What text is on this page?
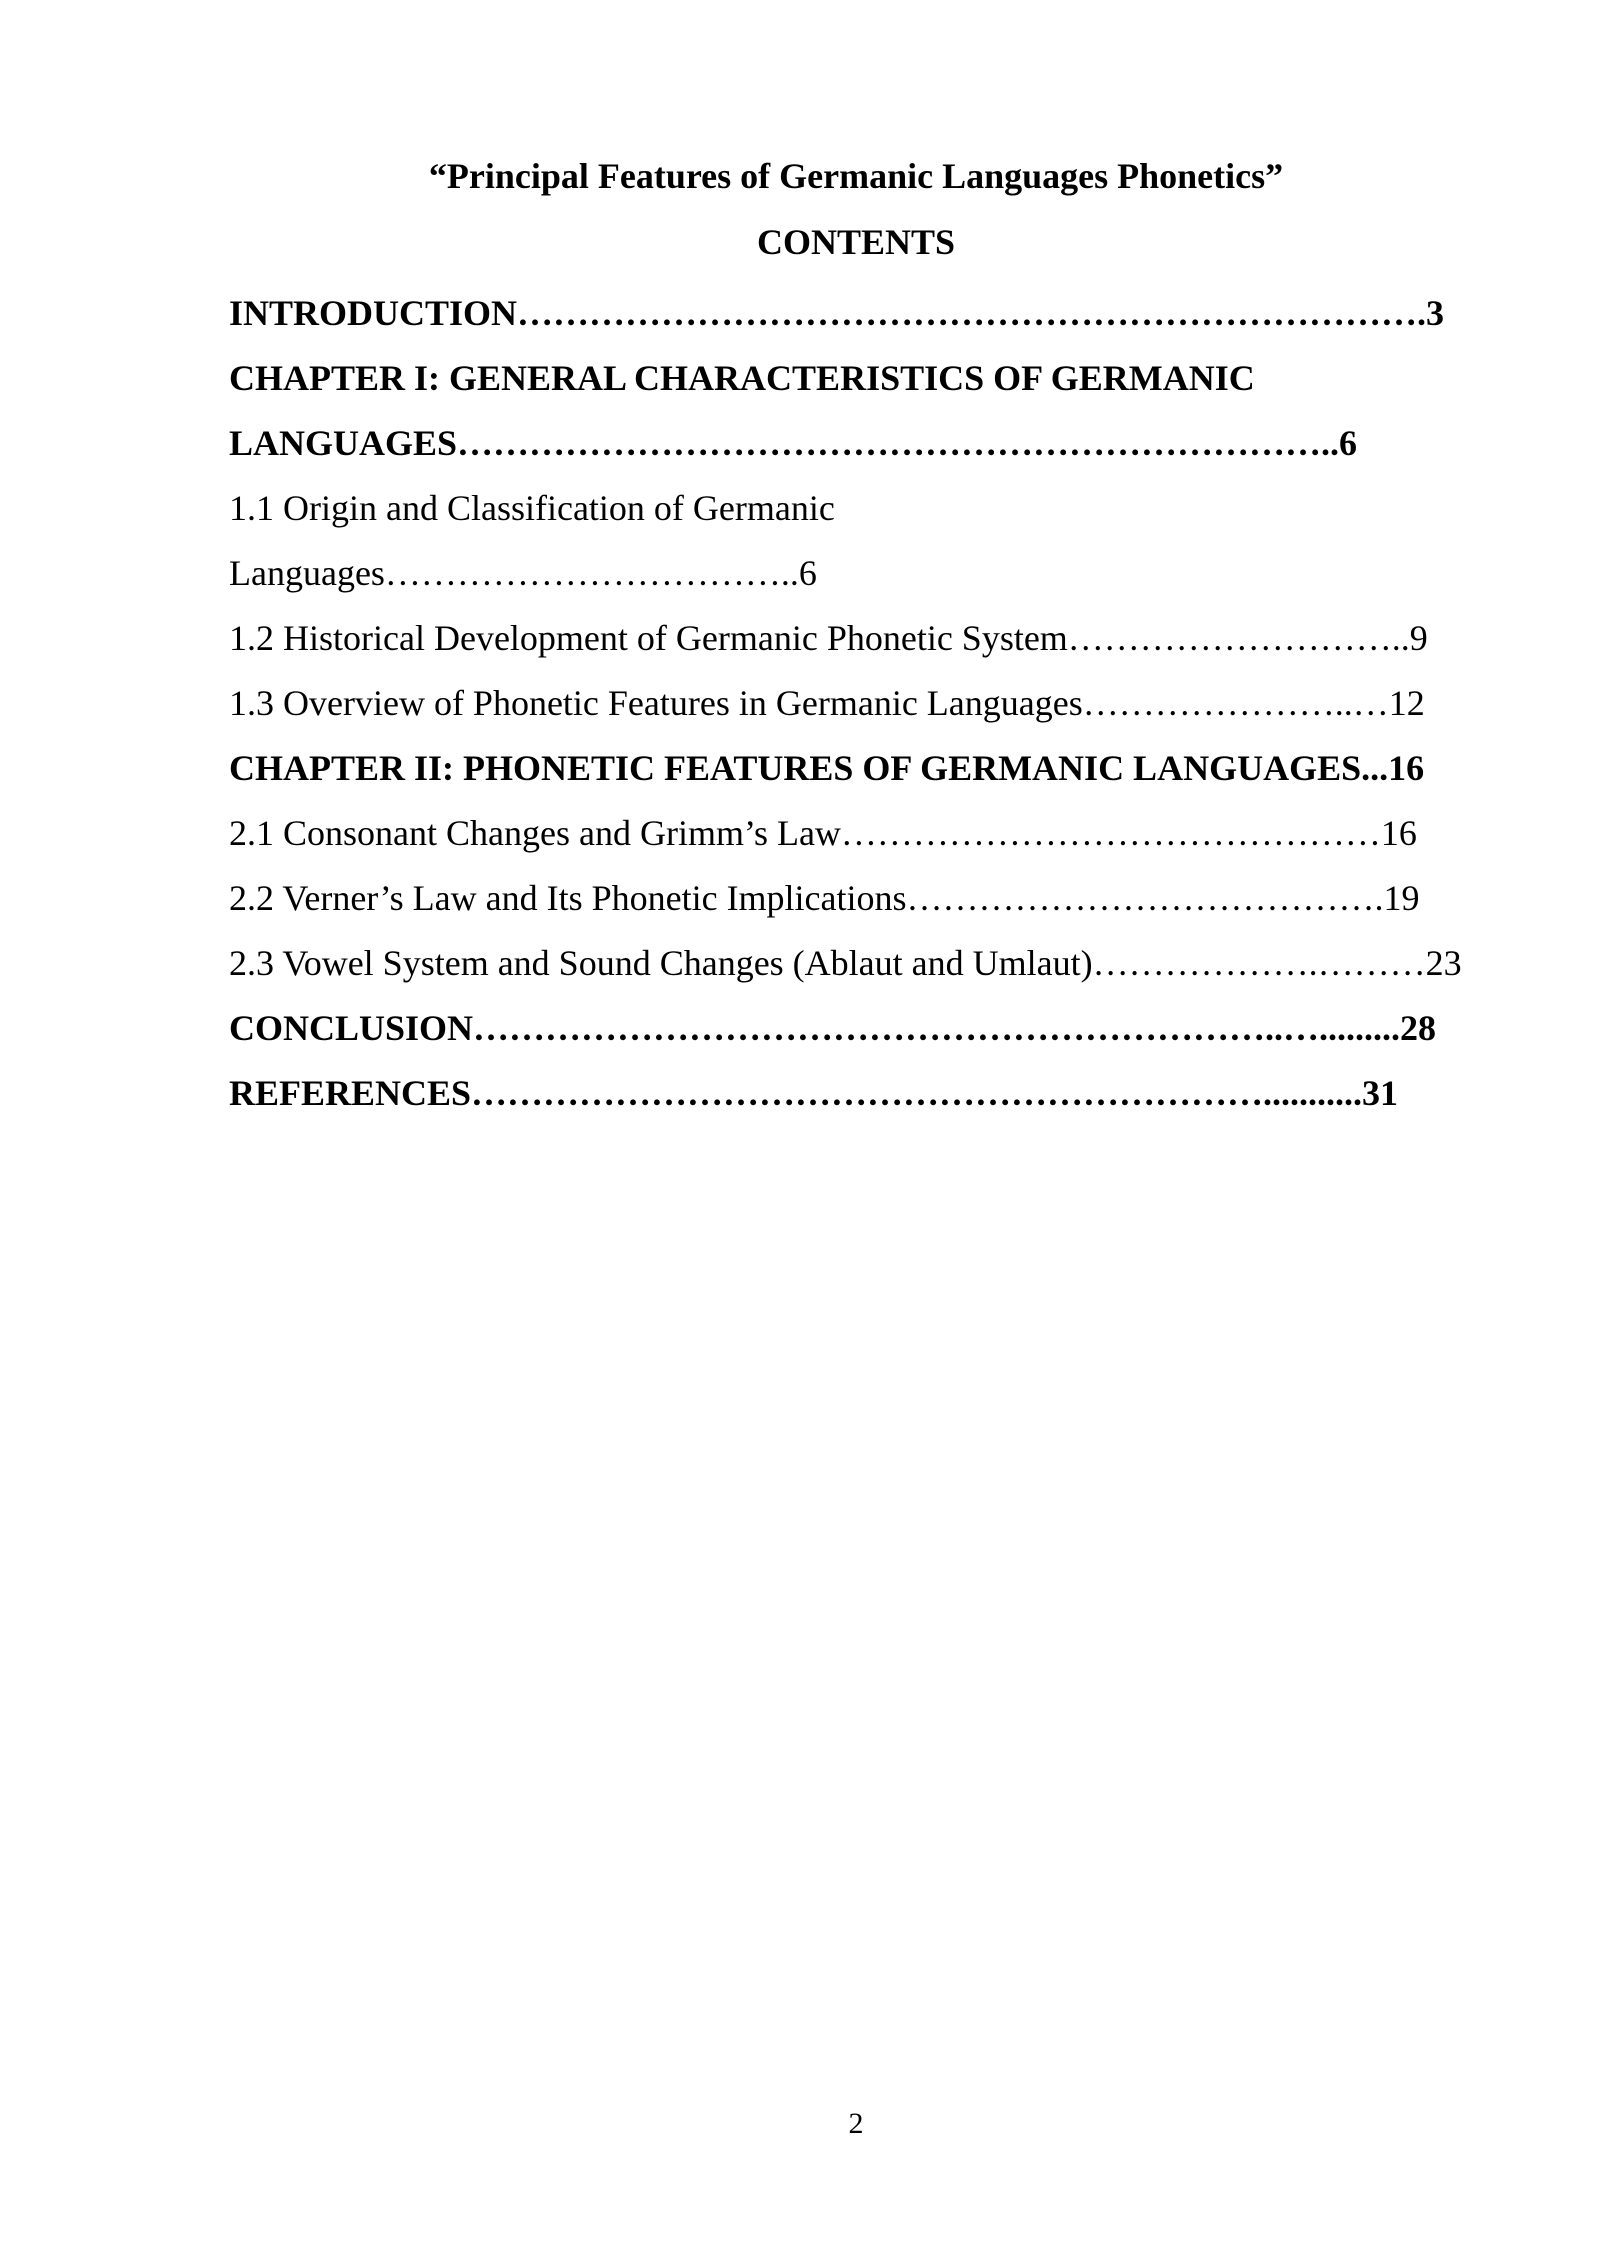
“Principal Features of Germanic Languages Phonetics”
CONTENTS
INTRODUCTION………………………………………………………………….3
CHAPTER I: GENERAL CHARACTERISTICS OF GERMANIC
LANGUAGES………………………………………………………………..6
1.1 Origin and Classification of Germanic
Languages……………………………..6
1.2 Historical Development of Germanic Phonetic System………………………..9
1.3 Overview of Phonetic Features in Germanic Languages…………………..…12
CHAPTER II: PHONETIC FEATURES OF GERMANIC LANGUAGES...16
2.1 Consonant Changes and Grimm’s Law………………………………………16
2.2 Verner’s Law and Its Phonetic Implications………………………………….19
2.3 Vowel System and Sound Changes (Ablaut and Umlaut)……………….………23
CONCLUSION…………………………………………………………..….........28
REFERENCES…………………………………………………………...........31
2
